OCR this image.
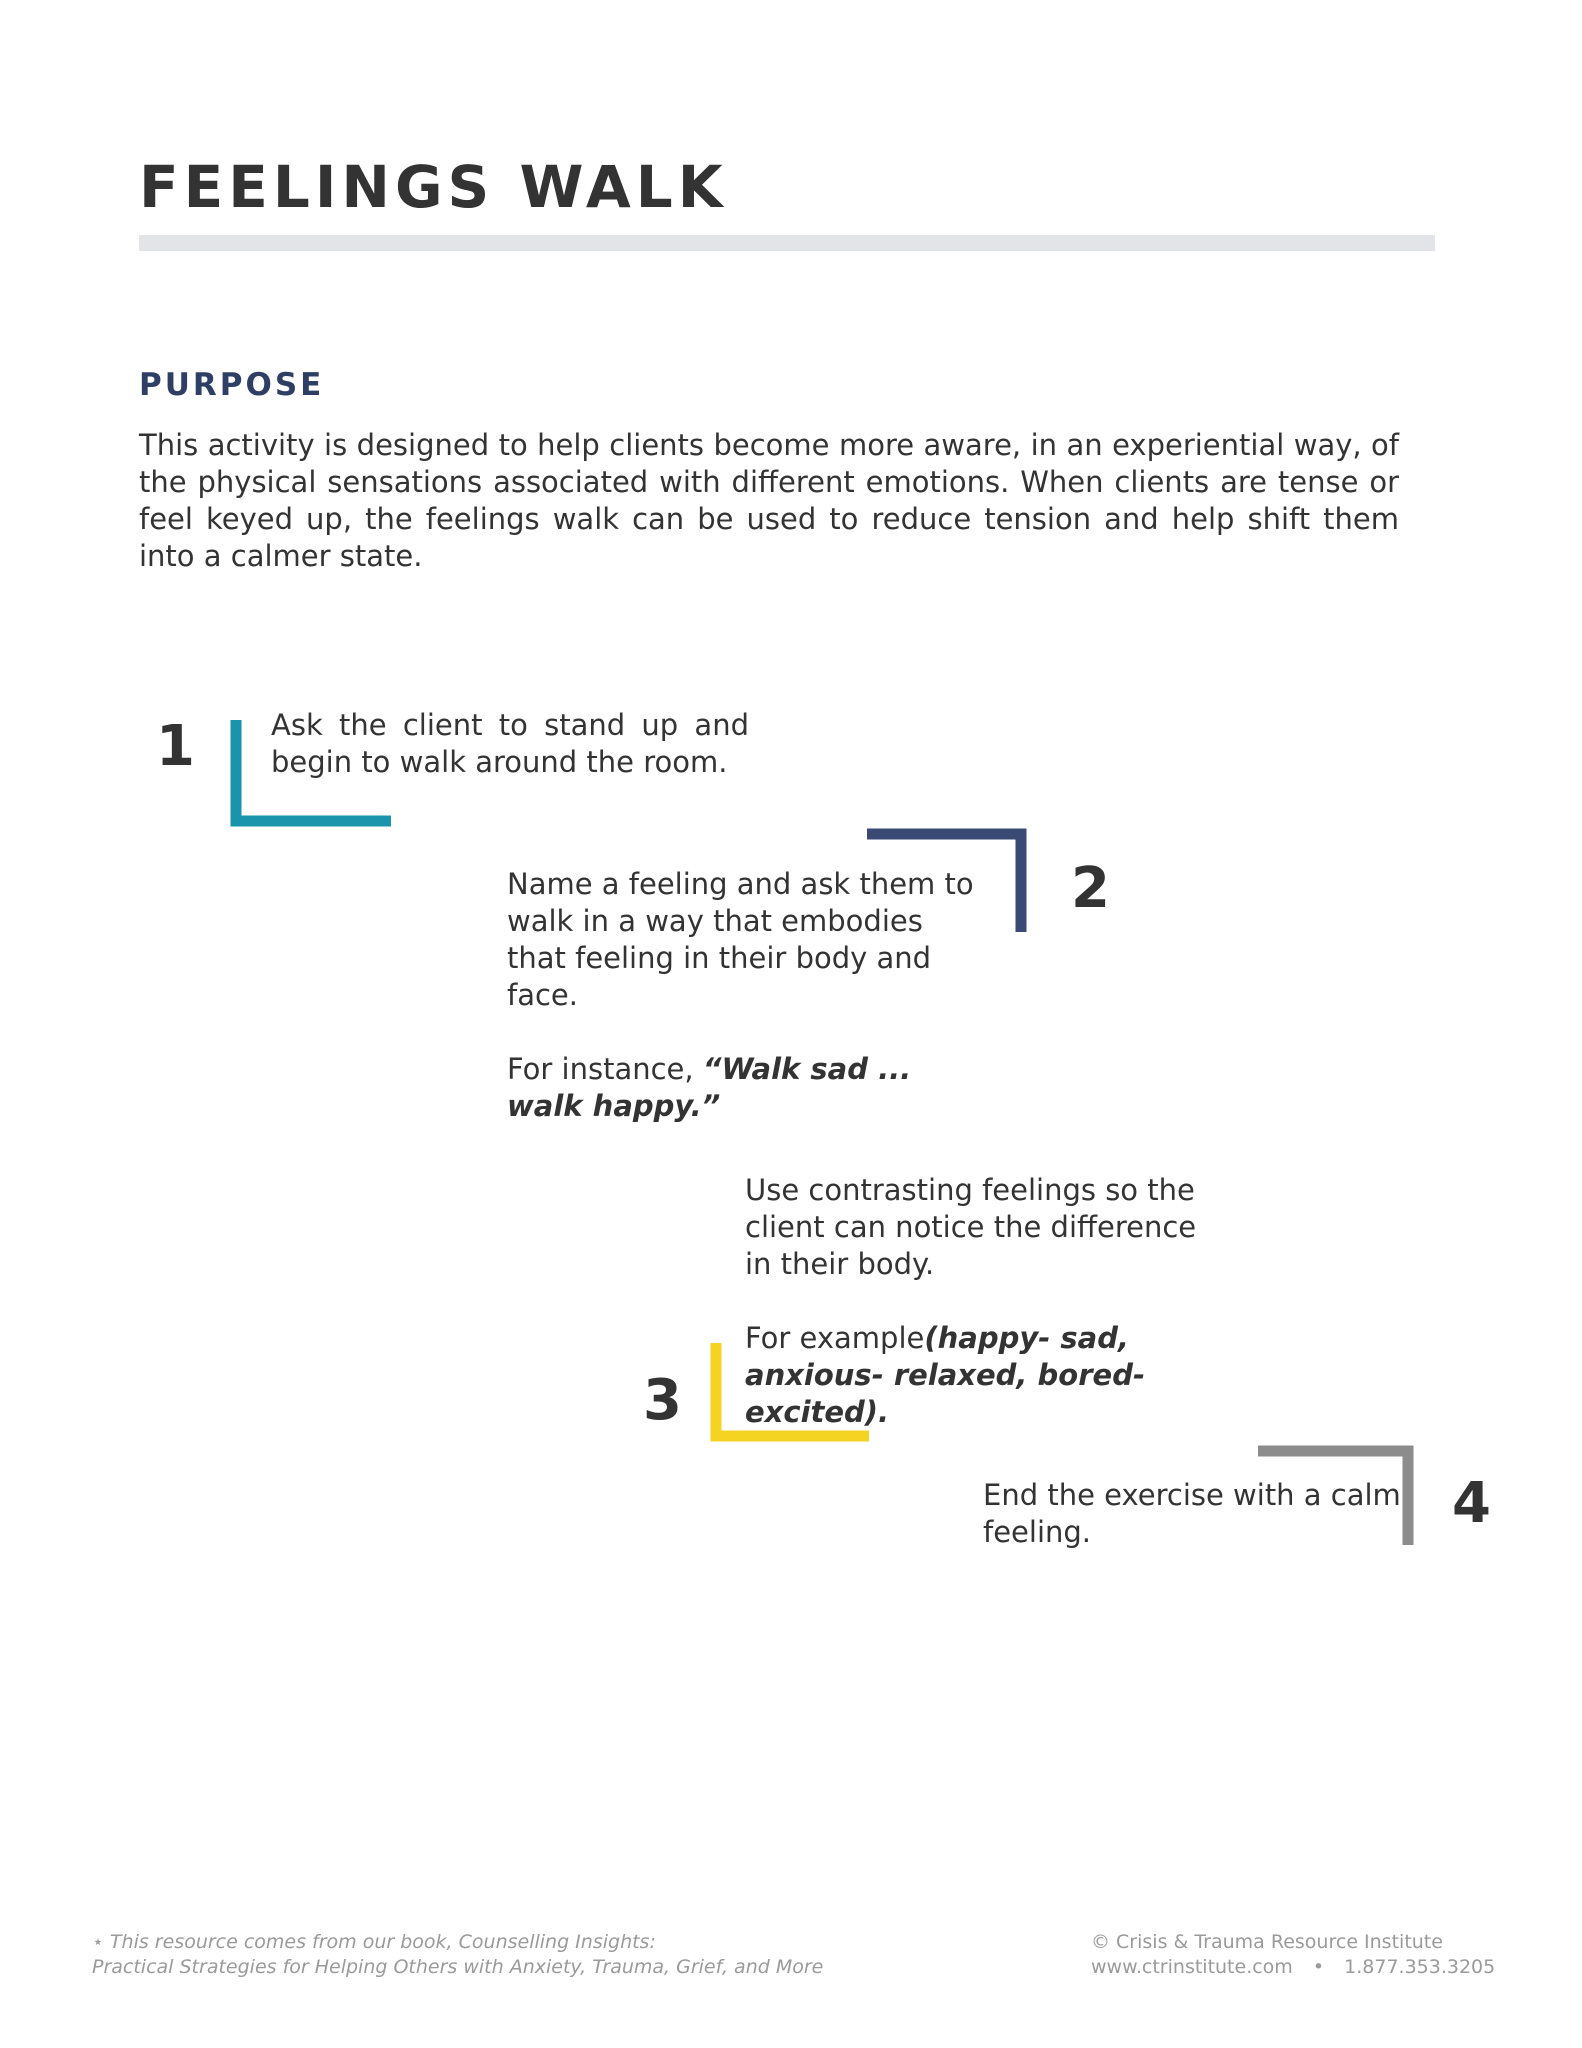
FEELINGS WALK
PURPOSE

This activity is designed to help clients become more aware, in an experiential way, of the physical sensations associated with different emotions. When clients are tense or feel keyed up, the feelings walk can be used to reduce tension and help shift them into a calmer state.

1	Ask the client to stand up and begin to walk around the room.

2

Name a feeling and ask them to walk in a way that embodies that feeling in their body and face.

For instance, “Walk sad ... walk happy.”

Use contrasting feelings so the client can notice the difference in their body.

For example(happy- sad, anxious- relaxed, bored- excited).

3
4

End the exercise with a calm feeling.

⋆ This resource comes from our book, Counselling Insights:
Practical Strategies for Helping Others with Anxiety, Trauma, Grief, and More
© Crisis & Trauma Resource Institute
www.ctrinstitute.com • 1.877.353.3205
